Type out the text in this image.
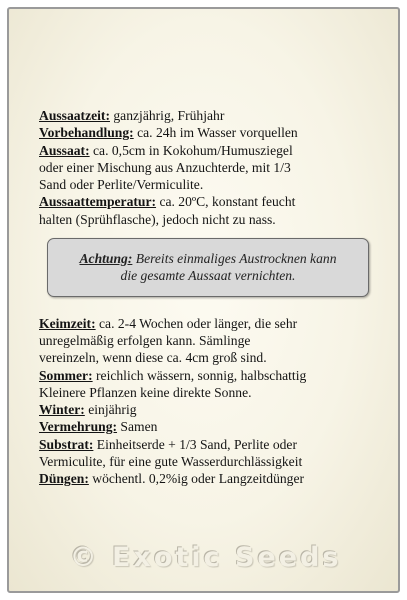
Aussaatzeit: ganzjährig, Frühjahr
Vorbehandlung: ca. 24h im Wasser vorquellen
Aussaat: ca. 0,5cm in Kokohum/Humusziegel
oder einer Mischung aus Anzuchterde, mit 1/3
Sand oder Perlite/Vermiculite.
Aussaattemperatur: ca. 20ºC, konstant feucht
halten (Sprühflasche), jedoch nicht zu nass.
Achtung: Bereits einmaliges Austrocknen kann
die gesamte Aussaat vernichten.
Keimzeit: ca. 2-4 Wochen oder länger, die sehr
unregelmäßig erfolgen kann. Sämlinge
vereinzeln, wenn diese ca. 4cm groß sind.
Sommer: reichlich wässern, sonnig, halbschattig
Kleinere Pflanzen keine direkte Sonne.
Winter: einjährig
Vermehrung: Samen
Substrat: Einheitserde + 1/3 Sand, Perlite oder
Vermiculite, für eine gute Wasserdurchlässigkeit
Düngen: wöchentl. 0,2%ig oder Langzeitdünger
© Exotic Seeds
